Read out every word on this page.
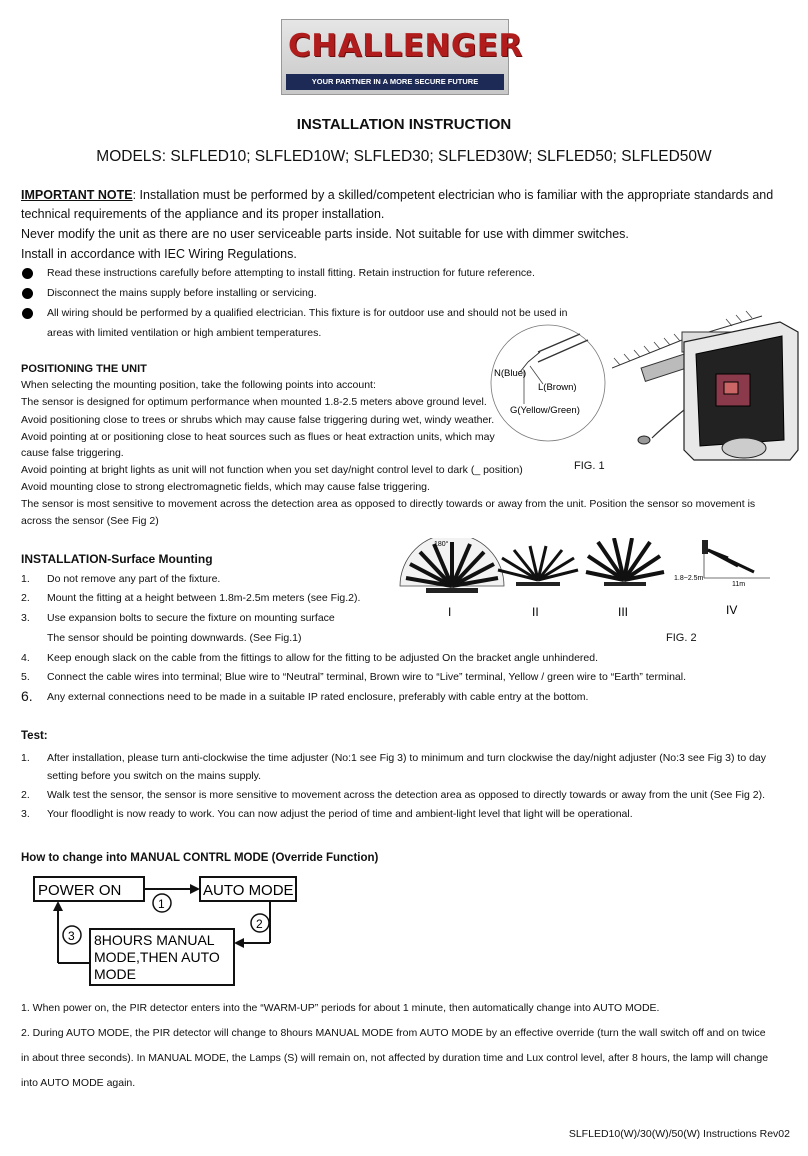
CHALLENGER
YOUR PARTNER IN A MORE SECURE FUTURE
INSTALLATION INSTRUCTION
MODELS: SLFLED10; SLFLED10W; SLFLED30; SLFLED30W; SLFLED50; SLFLED50W
IMPORTANT NOTE: Installation must be performed by a skilled/competent electrician who is familiar with the appropriate standards and
technical requirements of the appliance and its proper installation.
Never modify the unit as there are no user serviceable parts inside. Not suitable for use with dimmer switches.
Install in accordance with IEC Wiring Regulations.
Read these instructions carefully before attempting to install fitting. Retain instruction for future reference.
Disconnect the mains supply before installing or servicing.
All wiring should be performed by a qualified electrician. This fixture is for outdoor use and should not be used in
areas with limited ventilation or high ambient temperatures.
POSITIONING THE UNIT
When selecting the mounting position, take the following points into account:
The sensor is designed for optimum performance when mounted 1.8-2.5 meters above ground level.
Avoid positioning close to trees or shrubs which may cause false triggering during wet, windy weather.
Avoid pointing at or positioning close to heat sources such as flues or heat extraction units, which may
cause false triggering.
Avoid pointing at bright lights as unit will not function when you set day/night control level to dark (_ position)
Avoid mounting close to strong electromagnetic fields, which may cause false triggering.
The sensor is most sensitive to movement across the detection area as opposed to directly towards or away from the unit. Position the sensor so movement is
across the sensor (See Fig 2)
N(Blue)
L(Brown)
G(Yellow/Green)
FIG. 1
INSTALLATION-Surface Mounting
1. Do not remove any part of the fixture.
2. Mount the fitting at a height between 1.8m-2.5m meters (see Fig.2).
3. Use expansion bolts to secure the fixture on mounting surface
The sensor should be pointing downwards. (See Fig.1)
4. Keep enough slack on the cable from the fittings to allow for the fitting to be adjusted On the bracket angle unhindered.
5. Connect the cable wires into terminal; Blue wire to “Neutral” terminal, Brown wire to “Live” terminal, Yellow / green wire to “Earth” terminal.
6. Any external connections need to be made in a suitable IP rated enclosure, preferably with cable entry at the bottom.
180°
I	II	III
1.8~2.5m
11m
IV
FIG. 2
Test:
1. After installation, please turn anti-clockwise the time adjuster (No:1 see Fig 3) to minimum and turn clockwise the day/night adjuster (No:3 see Fig 3) to day
setting before you switch on the mains supply.
2. Walk test the sensor, the sensor is more sensitive to movement across the detection area as opposed to directly towards or away from the unit (See Fig 2).
3. Your floodlight is now ready to work. You can now adjust the period of time and ambient-light level that light will be operational.
How to change into MANUAL CONTRL MODE (Override Function)
POWER ON	AUTO MODE
1
2
8HOURS MANUAL
MODE,THEN AUTO
MODE
3
1. When power on, the PIR detector enters into the “WARM-UP” periods for about 1 minute, then automatically change into AUTO MODE.
2. During AUTO MODE, the PIR detector will change to 8hours MANUAL MODE from AUTO MODE by an effective override (turn the wall switch off and on twice
in about three seconds). In MANUAL MODE, the Lamps (S) will remain on, not affected by duration time and Lux control level, after 8 hours, the lamp will change
into AUTO MODE again.
SLFLED10(W)/30(W)/50(W) Instructions Rev02
